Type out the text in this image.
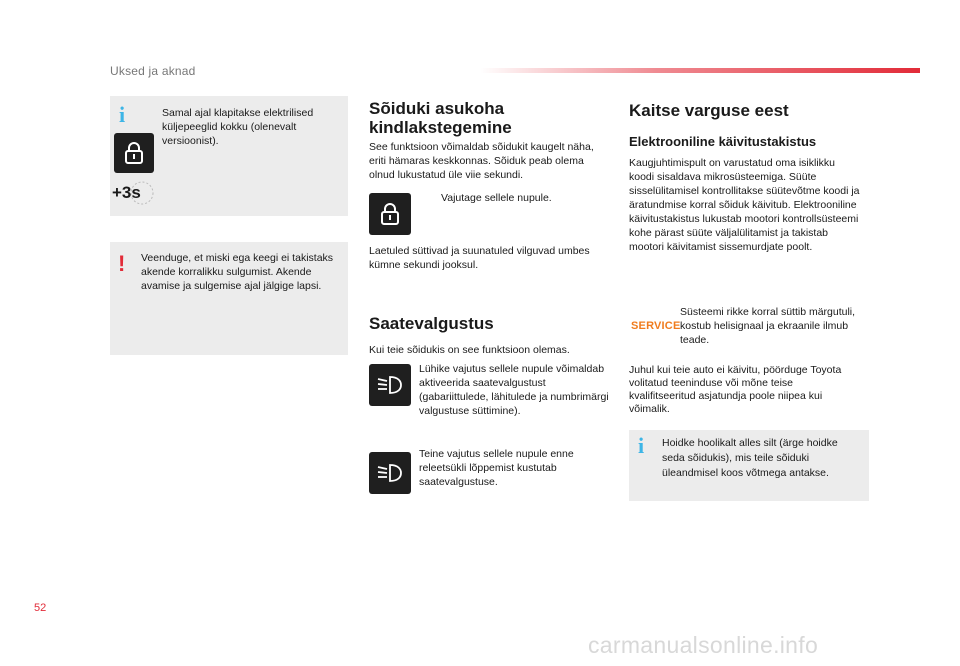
Uksed ja aknad
i
+3s
Samal ajal klapitakse elektrilised küljepeeglid kokku (olenevalt versioonist).
! Veenduge, et miski ega keegi ei takistaks akende korralikku sulgumist. Akende avamise ja sulgemise ajal jälgige lapsi.
Sõiduki asukoha
kindlakstegemine
See funktsioon võimaldab sõidukit kaugelt näha, eriti hämaras keskkonnas. Sõiduk peab olema olnud lukustatud üle viie sekundi.
Vajutage sellele nupule.
Laetuled süttivad ja suunatuled vilguvad umbes kümne sekundi jooksul.
Saatevalgustus
Kui teie sõidukis on see funktsioon olemas.
Lühike vajutus sellele nupule võimaldab aktiveerida saatevalgustust (gabariittulede, lähitulede ja numbrimärgi valgustuse süttimine).
Teine vajutus sellele nupule enne releetsükli lõppemist kustutab saatevalgustuse.
Kaitse varguse eest
Elektrooniline käivitustakistus
Kaugjuhtimispult on varustatud oma isiklikku koodi sisaldava mikrosüsteemiga. Süüte sisselülitamisel kontrollitakse süütevõtme koodi ja äratundmise korral sõiduk käivitub. Elektrooniline käivitustakistus lukustab mootori kontrollsüsteemi kohe pärast süüte väljalülitamist ja takistab mootori käivitamist sissemurdjate poolt.
SERVICE
Süsteemi rikke korral süttib märgutuli, kostub helisignaal ja ekraanile ilmub teade.
Juhul kui teie auto ei käivitu, pöörduge Toyota volitatud teeninduse või mõne teise kvalifitseeritud asjatundja poole niipea kui võimalik.
i Hoidke hoolikalt alles silt (ärge hoidke seda sõidukis), mis teile sõiduki üleandmisel koos võtmega antakse.
52
carmanualsonline.info
